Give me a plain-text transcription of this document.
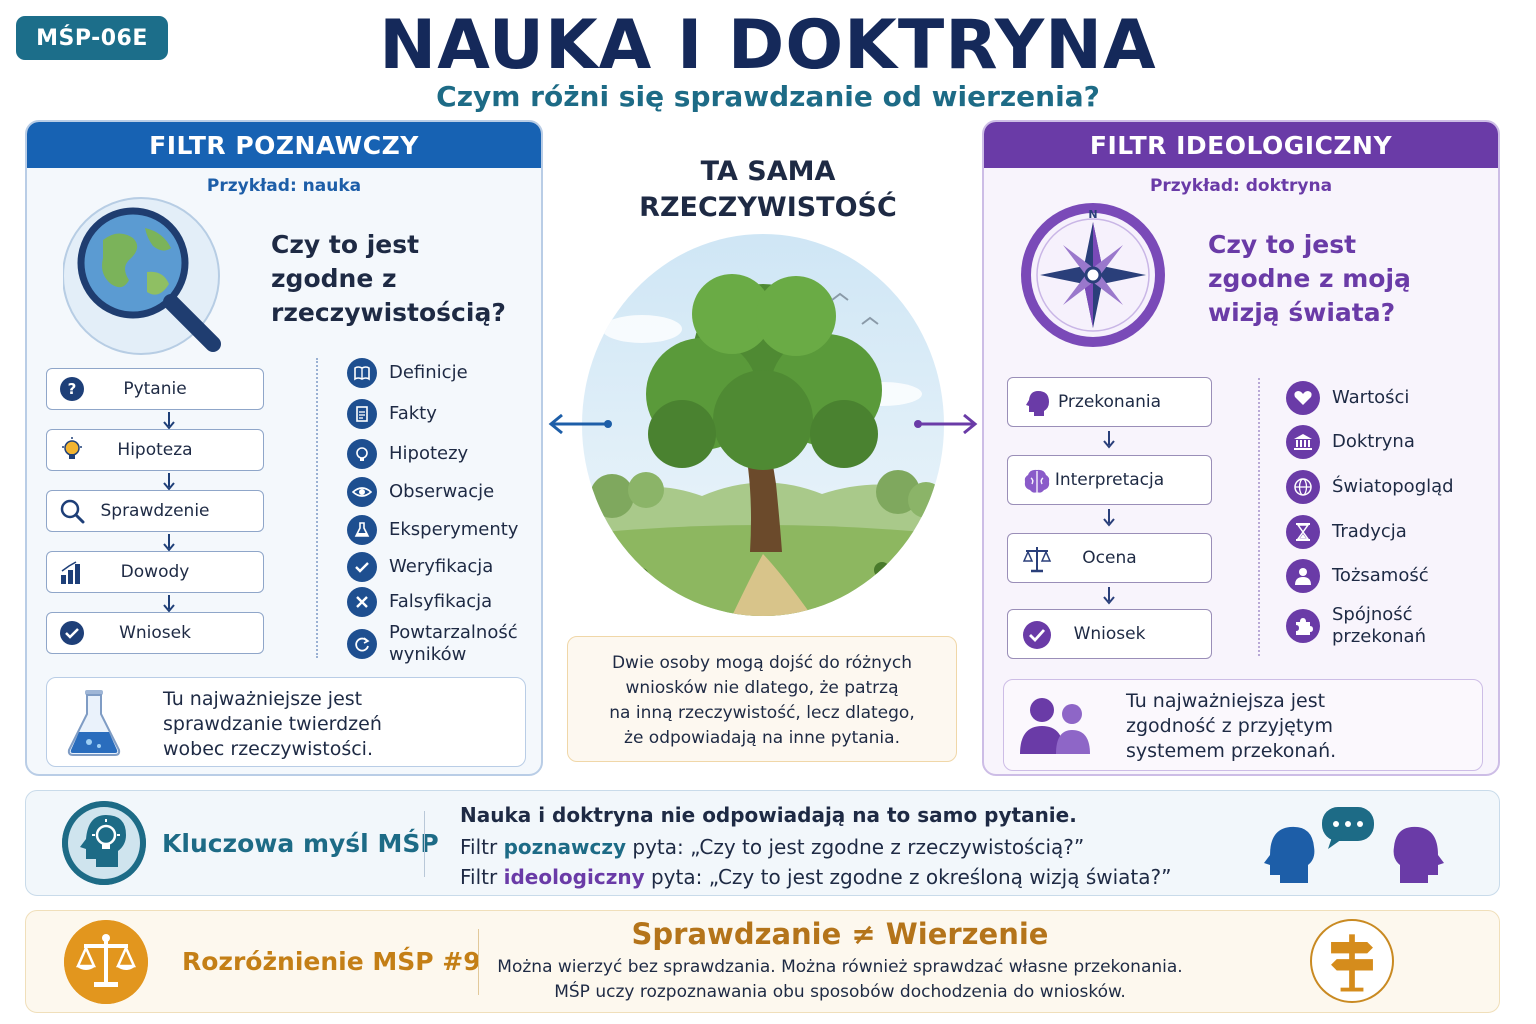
MŚP-06E	NAUKA I DOKTRYNA
Czym różni się sprawdzanie od wierzenia?
FILTR POZNAWCZY
Przykład: nauka
Czy to jest
zgodne z
rzeczywistością?
?	Pytanie
Hipoteza
Sprawdzenie
Dowody
Wniosek
Definicje
Fakty
Hipotezy
Obserwacje
Eksperymenty
Weryfikacja
Falsyfikacja
Powtarzalność
wyników
Tu najważniejsze jest
sprawdzanie twierdzeń
wobec rzeczywistości.
TA SAMA
RZECZYWISTOŚĆ
Dwie osoby mogą dojść do różnych
wniosków nie dlatego, że patrzą
na inną rzeczywistość, lecz dlatego,
że odpowiadają na inne pytania.
FILTR IDEOLOGICZNY
Przykład: doktryna
N
Czy to jest
zgodne z moją
wizją świata?
Przekonania
Interpretacja
Ocena
Wniosek
Wartości
Doktryna
Światopogląd
Tradycja
Tożsamość
Spójność
przekonań
Tu najważniejsza jest
zgodność z przyjętym
systemem przekonań.
Kluczowa myśl MŚP
Nauka i doktryna nie odpowiadają na to samo pytanie.
Filtr poznawczy pyta: „Czy to jest zgodne z rzeczywistością?”
Filtr ideologiczny pyta: „Czy to jest zgodne z określoną wizją świata?”
Rozróżnienie MŚP #9
Sprawdzanie ≠ Wierzenie
Można wierzyć bez sprawdzania. Można również sprawdzać własne przekonania.
MŚP uczy rozpoznawania obu sposobów dochodzenia do wniosków.
